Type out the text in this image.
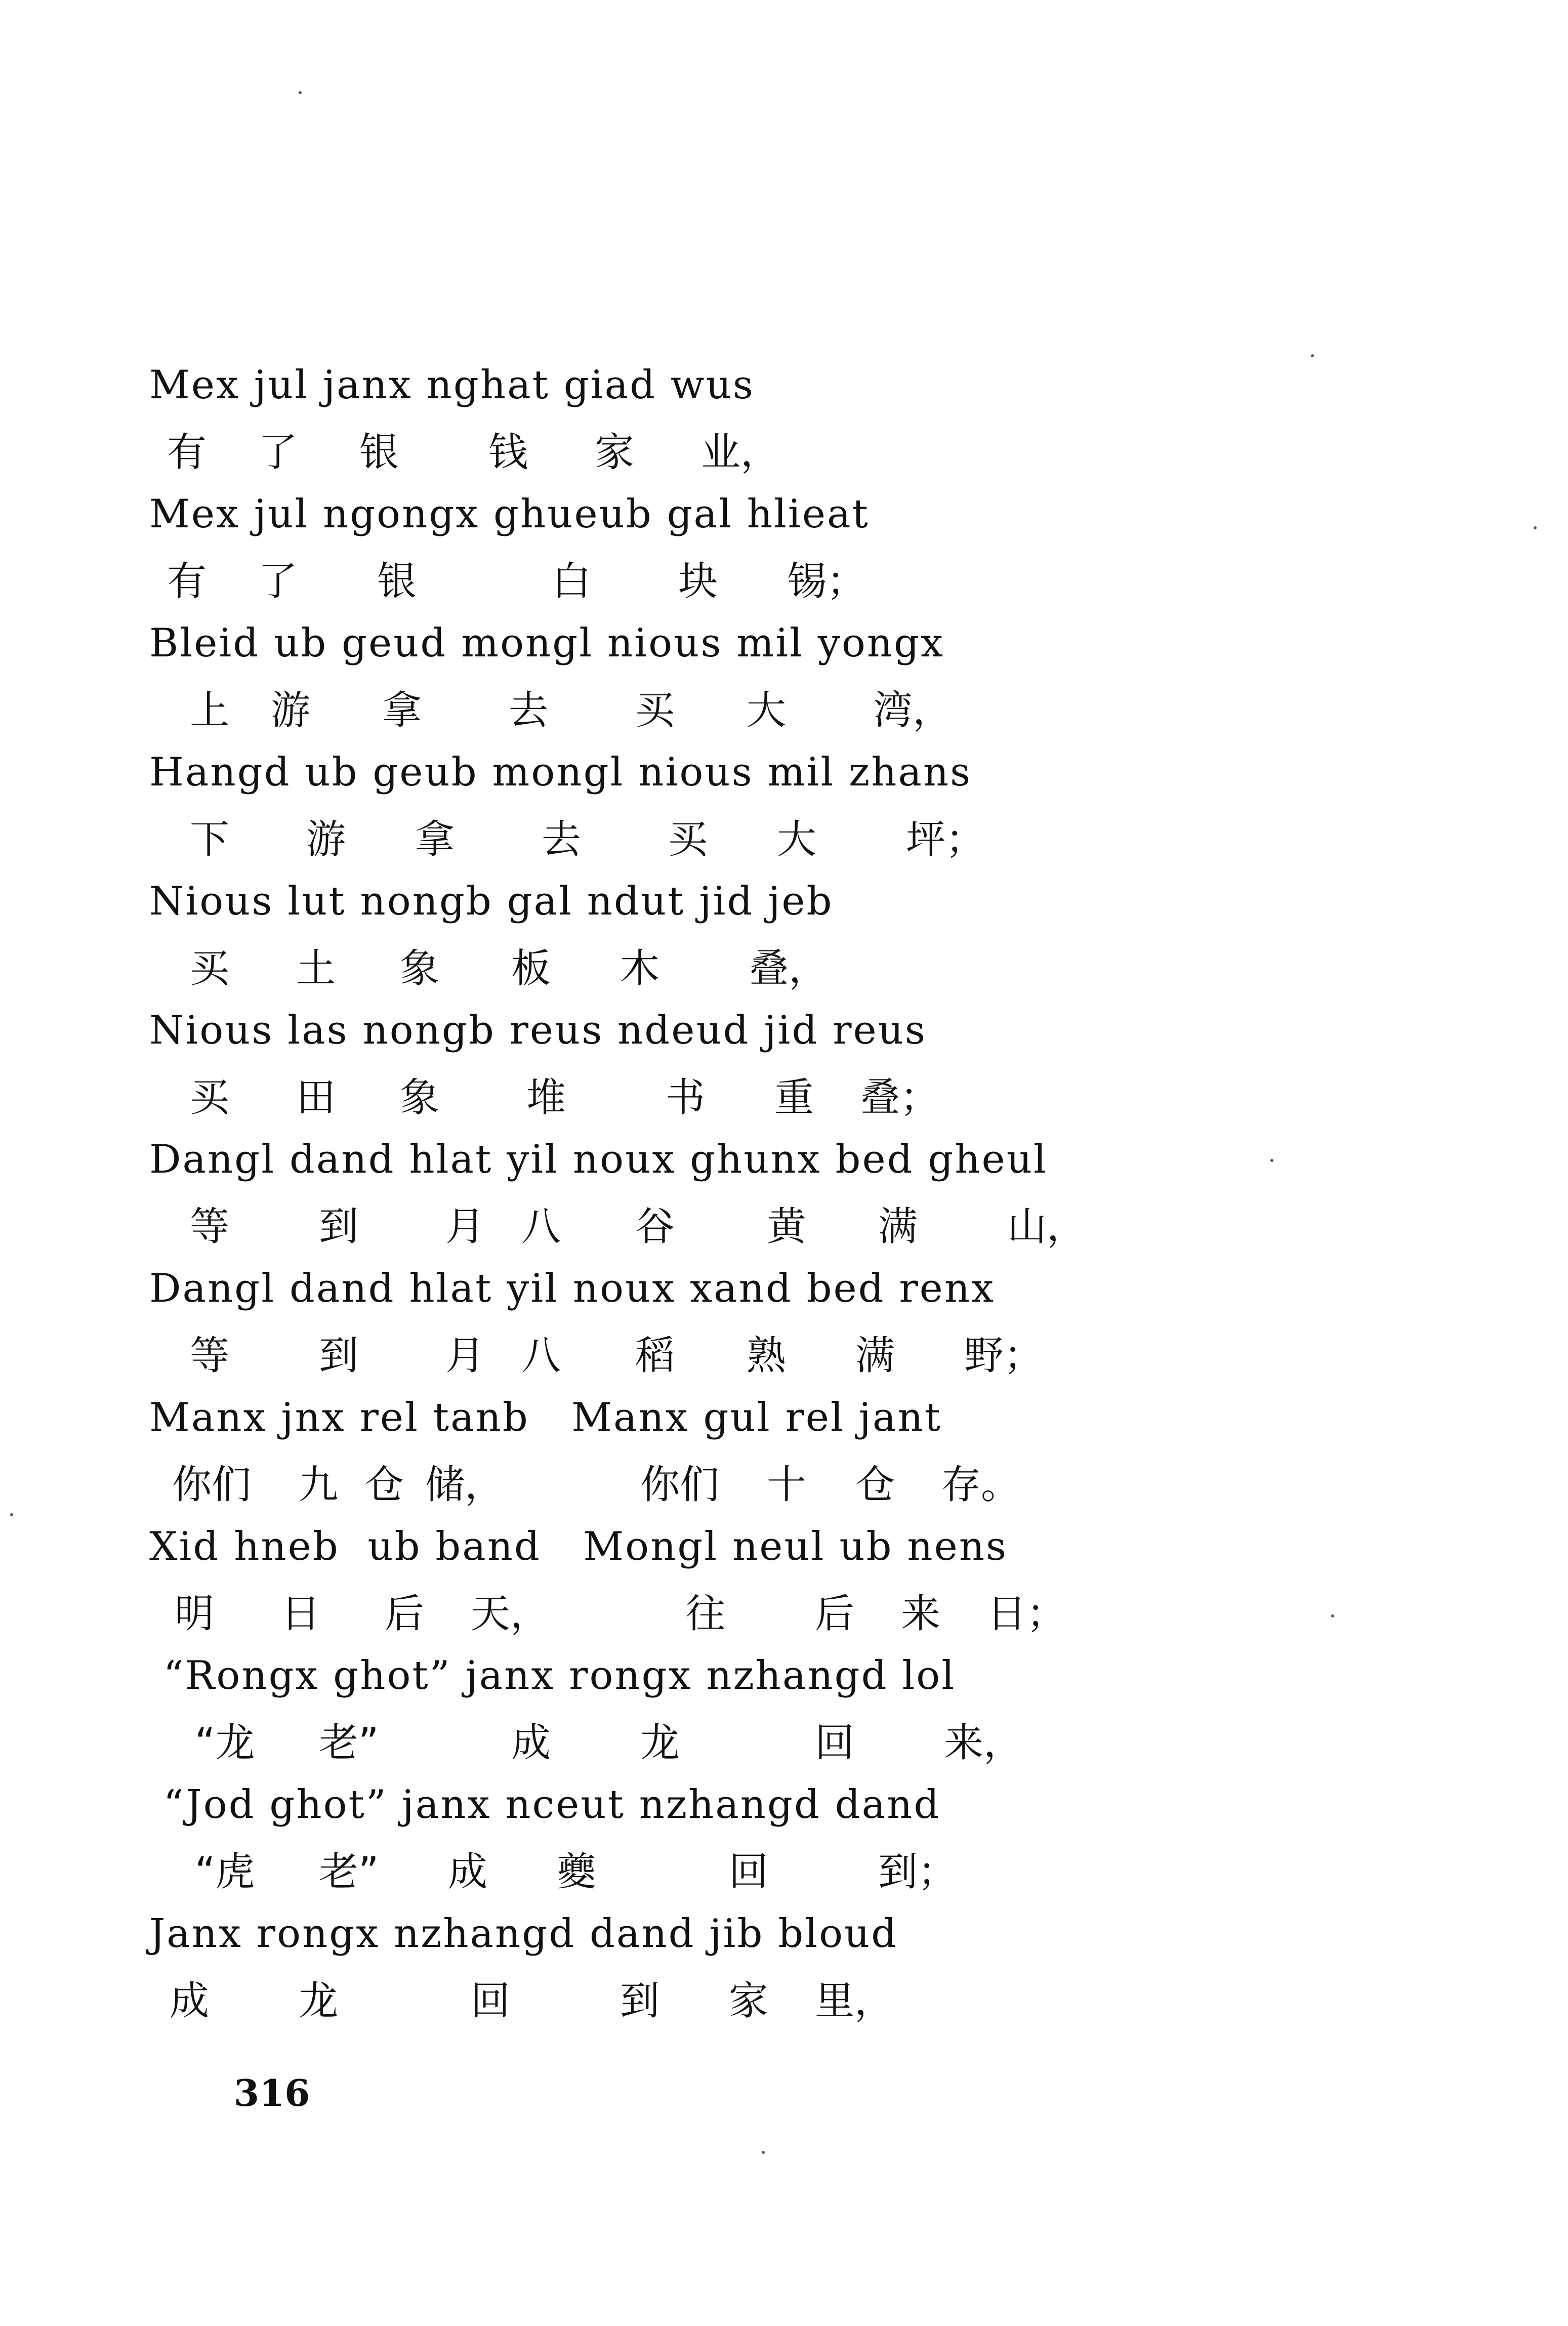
Mex jul janx nghat giad wus
有 了 银 钱 家 业，
Mex jul ngongx ghueub gal hlieat
有 了 银	白 块 锡；
Bleid ub geud mongl nious mil yongx
上 游 拿 去 买 大 湾，
Hangd ub geub mongl nious mil zhans
下 游 拿 去 买 大 坪；
Nious lut nongb gal ndut jid jeb
买 土 象 板 木 叠，
Nious las nongb reus ndeud jid reus
买 田 象 堆	书 重 叠；
Dangl dand hlat yil noux ghunx bed gheul
等 到 月 八 谷 黄 满 山，
Dangl dand hlat yil noux xand bed renx
等 到 月 八 稻 熟 满 野；
Manx jnx rel tanb   Manx gul rel jant
你们 九 仓 储，	你们 十 仓 存。
Xid hneb  ub band   Mongl neul ub nens
明 日 后 天，	往 后 来 日；
“Rongx ghot” janx rongx nzhangd lol
“龙 老”	成 龙	回 来，
“Jod ghot” janx nceut nzhangd dand
“虎 老” 成 夔	回	到；
Janx rongx nzhangd dand jib bloud
成 龙	回	到 家 里，
316
